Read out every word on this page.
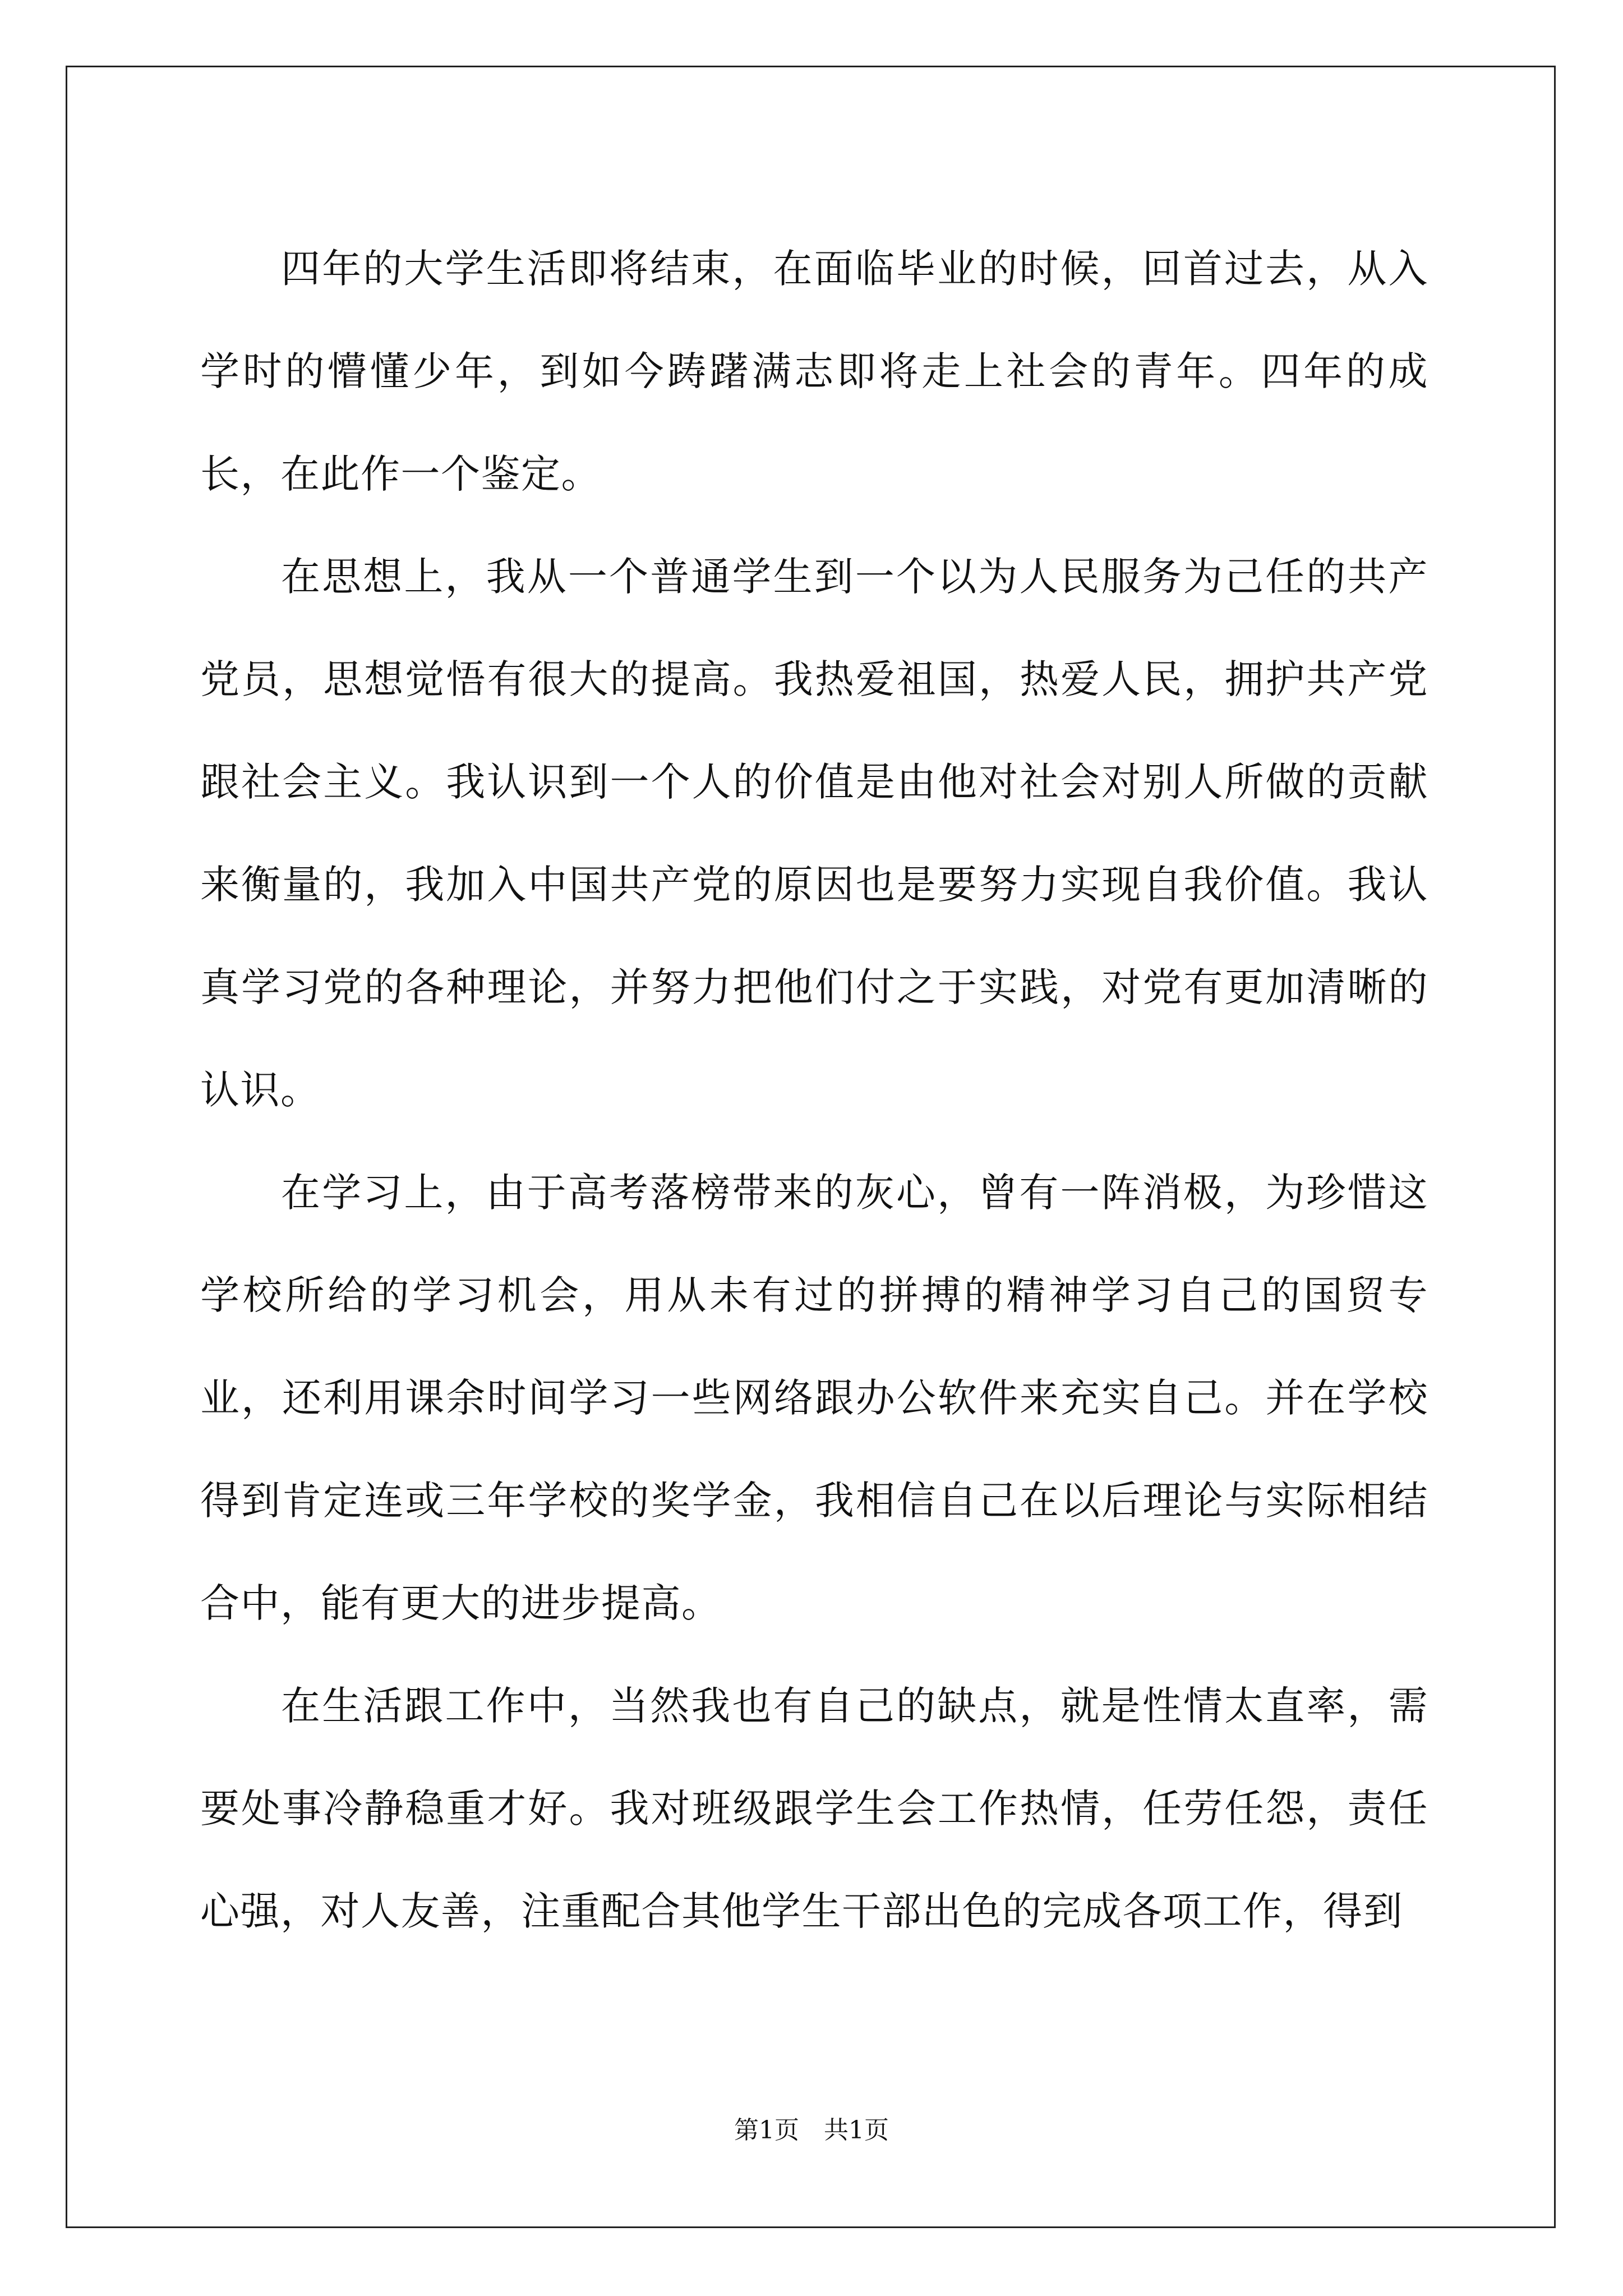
四年的大学生活即将结束，在面临毕业的时候，回首过去，从入学时的懵懂少年，到如今踌躇满志即将走上社会的青年。四年的成长，在此作一个鉴定。

在思想上，我从一个普通学生到一个以为人民服务为己任的共产党员，思想觉悟有很大的提高。我热爱祖国，热爱人民，拥护共产党跟社会主义。我认识到一个人的价值是由他对社会对别人所做的贡献来衡量的，我加入中国共产党的原因也是要努力实现自我价值。我认真学习党的各种理论，并努力把他们付之于实践，对党有更加清晰的认识。

在学习上，由于高考落榜带来的灰心，曾有一阵消极，为珍惜这学校所给的学习机会，用从未有过的拼搏的精神学习自己的国贸专业，还利用课余时间学习一些网络跟办公软件来充实自己。并在学校得到肯定连或三年学校的奖学金，我相信自己在以后理论与实际相结合中，能有更大的进步提高。

在生活跟工作中，当然我也有自己的缺点，就是性情太直率，需要处事冷静稳重才好。我对班级跟学生会工作热情，任劳任怨，责任心强，对人友善，注重配合其他学生干部出色的完成各项工作，得到

第1页　共1页
